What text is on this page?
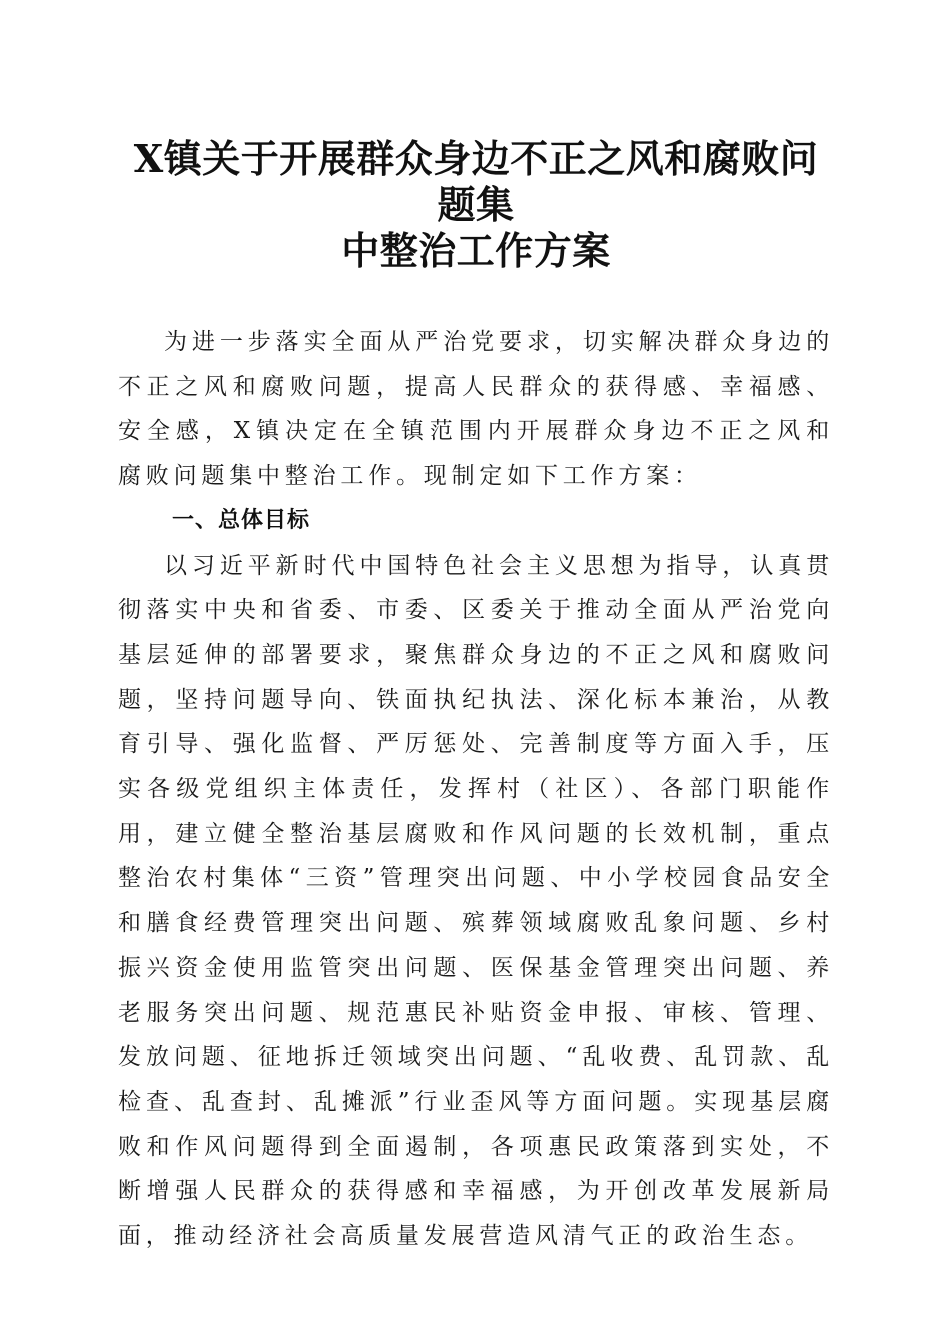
X镇关于开展群众身边不正之风和腐败问题集
中整治工作方案

为进一步落实全面从严治党要求，切实解决群众身边的不正之风和腐败问题，提高人民群众的获得感、幸福感、安全感，X镇决定在全镇范围内开展群众身边不正之风和腐败问题集中整治工作。现制定如下工作方案：

一、总体目标

以习近平新时代中国特色社会主义思想为指导，认真贯彻落实中央和省委、市委、区委关于推动全面从严治党向基层延伸的部署要求，聚焦群众身边的不正之风和腐败问题，坚持问题导向、铁面执纪执法、深化标本兼治，从教育引导、强化监督、严厉惩处、完善制度等方面入手，压实各级党组织主体责任，发挥村（社区）、各部门职能作用，建立健全整治基层腐败和作风问题的长效机制，重点整治农村集体“三资”管理突出问题、中小学校园食品安全和膳食经费管理突出问题、殡葬领域腐败乱象问题、乡村振兴资金使用监管突出问题、医保基金管理突出问题、养老服务突出问题、规范惠民补贴资金申报、审核、管理、发放问题、征地拆迁领域突出问题、“乱收费、乱罚款、乱检查、乱查封、乱摊派”行业歪风等方面问题。实现基层腐败和作风问题得到全面遏制，各项惠民政策落到实处，不断增强人民群众的获得感和幸福感，为开创改革发展新局面，推动经济社会高质量发展营造风清气正的政治生态。
